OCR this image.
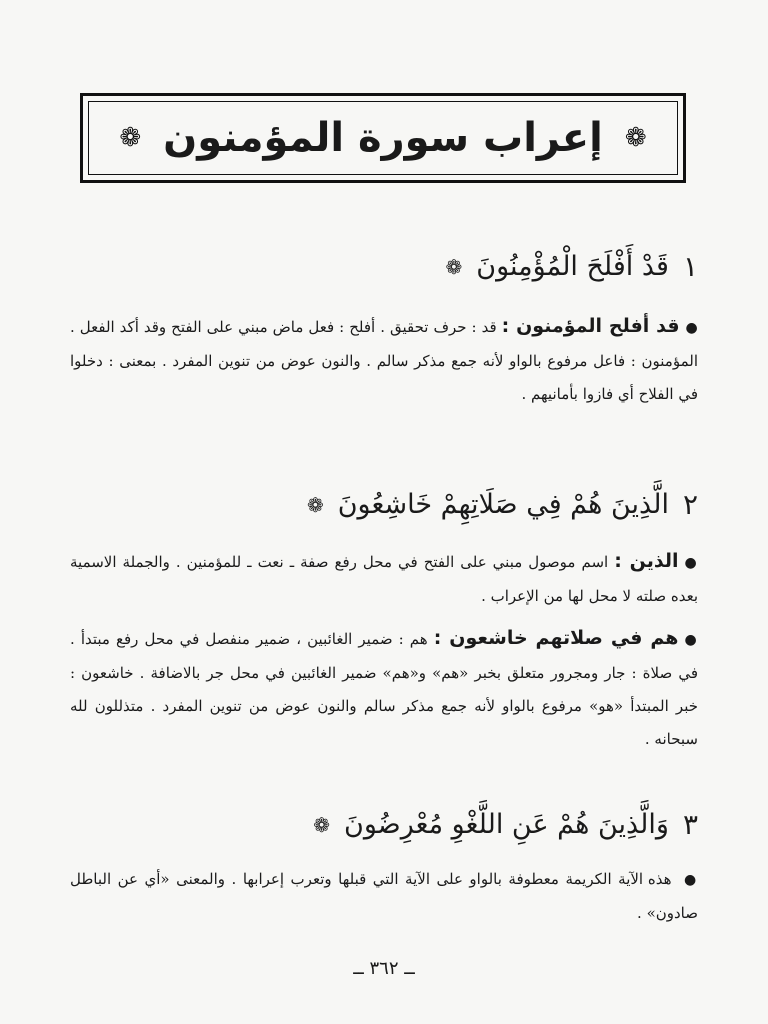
❁ إعراب سورة المؤمنون ❁
١
قَدْ أَفْلَحَ الْمُؤْمِنُونَ
❁
●قد أفلح المؤمنون : قد : حرف تحقيق . أفلح : فعل ماض مبني على الفتح وقد أكد الفعل . المؤمنون : فاعل مرفوع بالواو لأنه جمع مذكر سالم . والنون عوض من تنوين المفرد . بمعنى : دخلوا في الفلاح أي فازوا بأمانيهم .
٢
الَّذِينَ هُمْ فِي صَلَاتِهِمْ خَاشِعُونَ
❁
●الذين : اسم موصول مبني على الفتح في محل رفع صفة ـ نعت ـ للمؤمنين . والجملة الاسمية بعده صلته لا محل لها من الإعراب .
●هم في صلاتهم خاشعون : هم : ضمير الغائبين ، ضمير منفصل في محل رفع مبتدأ . في صلاة : جار ومجرور متعلق بخبر «هم» و«هم» ضمير الغائبين في محل جر بالاضافة . خاشعون : خبر المبتدأ «هو» مرفوع بالواو لأنه جمع مذكر سالم والنون عوض من تنوين المفرد . متذللون لله سبحانه .
٣
وَالَّذِينَ هُمْ عَنِ اللَّغْوِ مُعْرِضُونَ
❁
● هذه الآية الكريمة معطوفة بالواو على الآية التي قبلها وتعرب إعرابها . والمعنى «أي عن الباطل صادون» .
ــ ٣٦٢ ــ
